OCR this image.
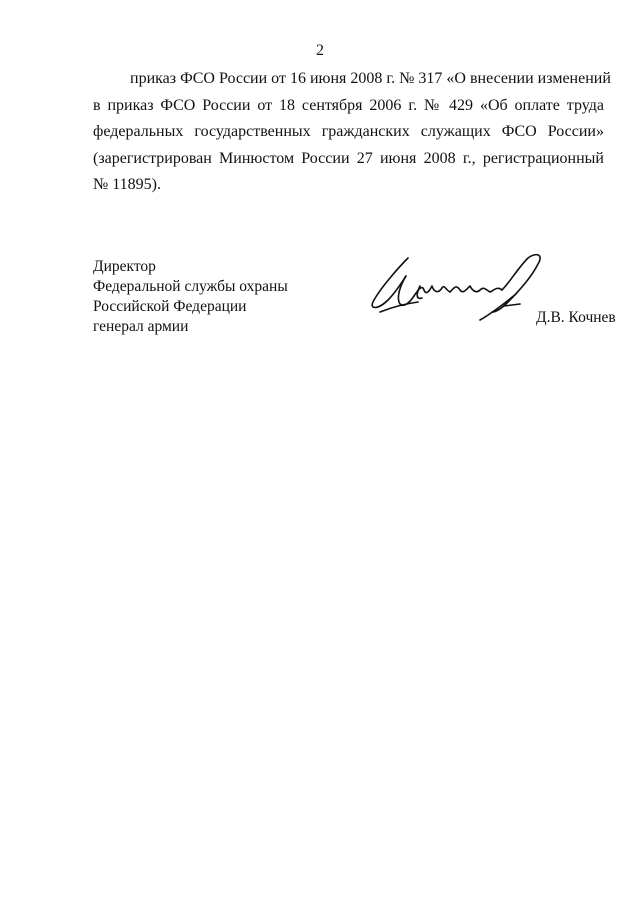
2
приказ ФСО России от 16 июня 2008 г. № 317 «О внесении изменений
в приказ ФСО России от 18 сентября 2006 г. № 429 «Об оплате труда
федеральных государственных гражданских служащих ФСО России»
(зарегистрирован Минюстом России 27 июня 2008 г., регистрационный
№ 11895).
Директор
Федеральной службы охраны
Российской Федерации
генерал армии
Д.В. Кочнев
